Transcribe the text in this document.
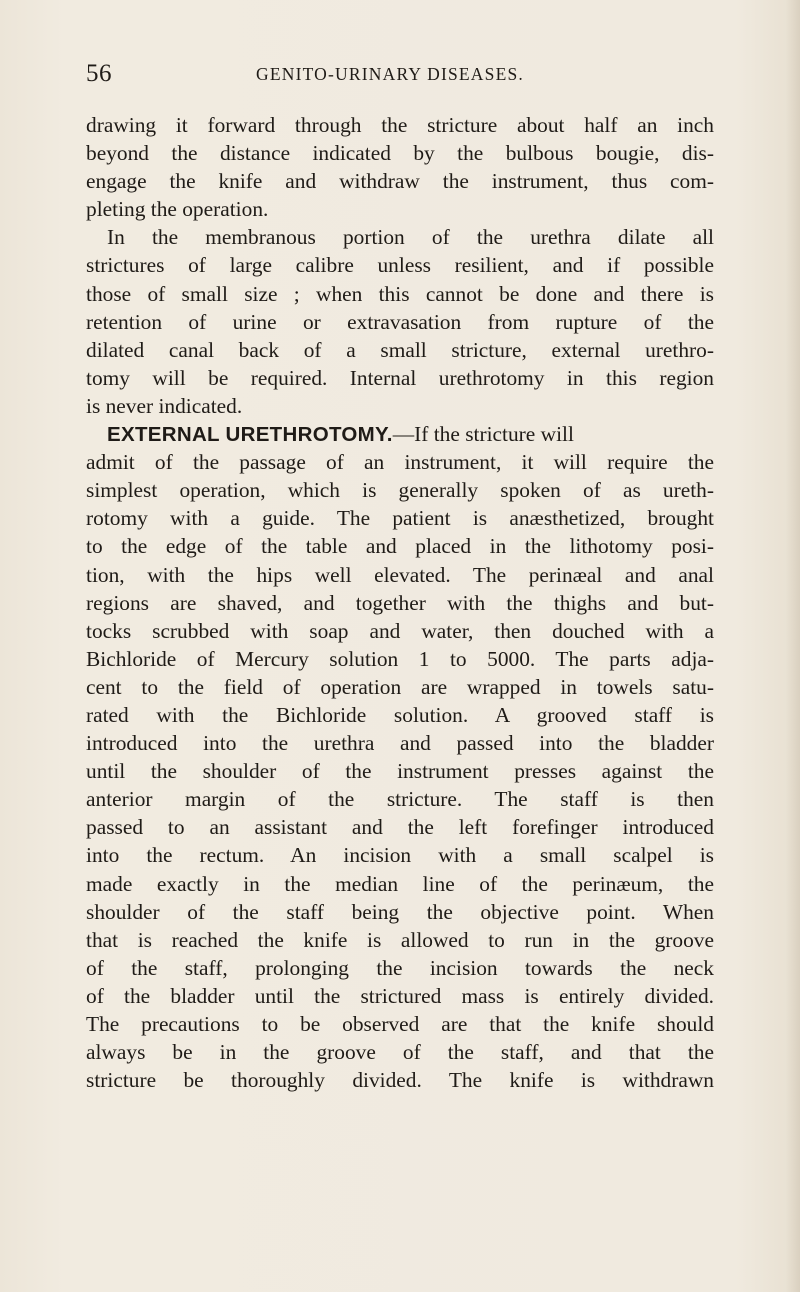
56	GENITO-URINARY DISEASES.
drawing it forward through the stricture about half an inch
beyond the distance indicated by the bulbous bougie, dis-
engage the knife and withdraw the instrument, thus com-
pleting the operation.
In the membranous portion of the urethra dilate all
strictures of large calibre unless resilient, and if possible
those of small size ; when this cannot be done and there is
retention of urine or extravasation from rupture of the
dilated canal back of a small stricture, external urethro-
tomy will be required. Internal urethrotomy in this region
is never indicated.
EXTERNAL URETHROTOMY.—If the stricture will
admit of the passage of an instrument, it will require the
simplest operation, which is generally spoken of as ureth-
rotomy with a guide. The patient is anæsthetized, brought
to the edge of the table and placed in the lithotomy posi-
tion, with the hips well elevated. The perinæal and anal
regions are shaved, and together with the thighs and but-
tocks scrubbed with soap and water, then douched with a
Bichloride of Mercury solution 1 to 5000. The parts adja-
cent to the field of operation are wrapped in towels satu-
rated with the Bichloride solution. A grooved staff is
introduced into the urethra and passed into the bladder
until the shoulder of the instrument presses against the
anterior margin of the stricture. The staff is then
passed to an assistant and the left forefinger introduced
into the rectum. An incision with a small scalpel is
made exactly in the median line of the perinæum, the
shoulder of the staff being the objective point. When
that is reached the knife is allowed to run in the groove
of the staff, prolonging the incision towards the neck
of the bladder until the strictured mass is entirely divided.
The precautions to be observed are that the knife should
always be in the groove of the staff, and that the
stricture be thoroughly divided. The knife is withdrawn
